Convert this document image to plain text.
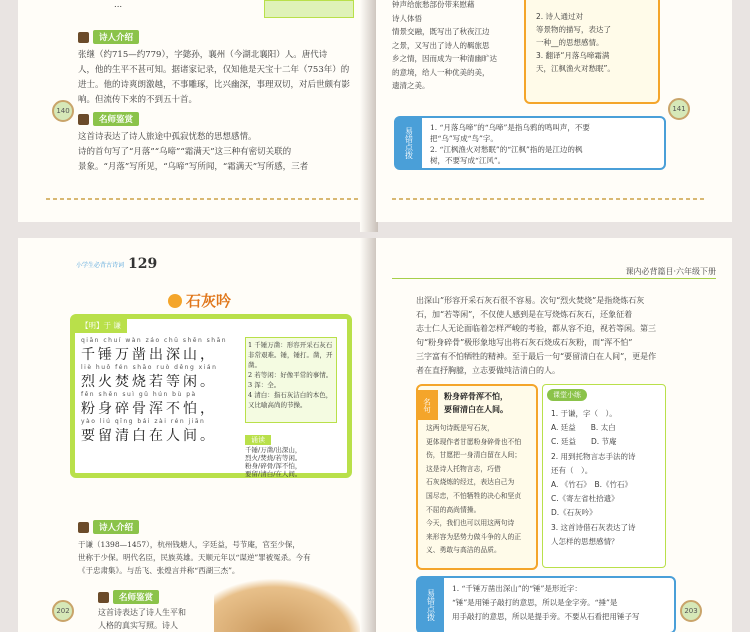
...
诗人介绍
张继（约715—约779），字懿孙，襄州（今湖北襄阳）人。唐代诗
人，他的生平不甚可知。据诸家记录，仅知他是天宝十二年（753年）的
进士。他的诗爽朗激越，不事雕琢，比兴幽深，事理双切，对后世颇有影
响。但流传下来的不到五十首。
140
名师鉴赏
这首诗表达了诗人旅途中孤寂忧愁的思想感情。
诗的首句写了“月落”“乌啼”“霜满天”这三种有密切关联的
景象。“月落”写所见，“乌啼”写所闻，“霜满天”写所感，三者
钟声给旅愁部份带来慰藉
诗人体悟
情景交融，既写出了秋夜江边
之景，又写出了诗人的羁旅思
乡之情，因而成为一种清幽旷达
的意境，给人一种优美的美，
遗清之美。
2. 诗人通过对
等景物的描写，表达了
一种__的思想感情。
3. 翻译“月落乌啼霜满
天，江枫渔火对愁眠”。
141
易错点拨	1. “月落乌啼”的“乌啼”是指乌鸦的鸣叫声，不要
把“乌”写成“鸟”字。
2. “江枫渔火对愁眠”的“江枫”指的是江边的枫
树，不要写成“江风”。
小学生必背古诗词 129
石灰吟
【明】于 谦
qiān chuí wàn záo chū shēn shān
千锤万凿出深山，
liè huǒ fén shāo ruò děng xián
烈火焚烧若等闲。
fěn shēn suì gǔ hún bù pà
粉身碎骨浑不怕，
yào liú qīng bái zài rén jiān
要留清白在人间。
1 千锤万凿：形容开采石灰石非常艰难。锤，锤打。凿，开凿。
2 若等闲：好像平常的事情。
3 浑：全。
4 清白：指石灰洁白的本色，又比喻高尚的节操。
诵读
千锤/万凿/出深山，
烈火/焚烧/若等闲。
粉身/碎骨/浑不怕，
要留/清白/在人间。
诗人介绍
于谦（1398—1457），杭州钱塘人，字廷益，号节庵，官至少保，
世称于少保。明代名臣，民族英雄。天顺元年以“谋逆”罪被冤杀。今有
《于忠肃集》。与岳飞、张煌言并称“西湖三杰”。
名师鉴赏
这首诗表达了诗人生平和
人格的真实写照。诗人
202
课内必背篇目·六年级下册
出深山”形容开采石灰石很不容易。次句“烈火焚烧”是指烧炼石灰
石，加“若等闲”，不仅使人感到是在写烧炼石灰石，还象征着
志士仁人无论面临着怎样严峻的考验，都从容不迫，视若等闲。第三
句“粉身碎骨”极形象地写出将石灰石烧成石灰粉，而“浑不怕”
三字富有不怕牺牲的精神。至于最后一句“要留清白在人间”，更是作
者在直抒胸臆，立志要做纯洁清白的人。
名句
粉身碎骨浑不怕，
要留清白在人间。
这两句诗既是写石灰，
更体现作者甘愿粉身碎骨也不怕
伤，甘愿把一身清白留在人间；
这是诗人托物言志，巧借
石灰烧炼的经过，表达自己为
国尽忠，不怕牺牲的决心和坚贞
不屈的高尚情操。
今天，我们也可以用这两句诗
来形容为恶势力做斗争的人的正
义、勇敢与高洁的品质。
课堂小练
1. 于谦，字（　）。
A. 廷益　　B. 太白
C. 廷益　　D. 节庵
2. 用到托物言志手法的诗
还有（　）。
A. 《竹石》　B.《竹石》
C.《寄左省杜拾遗》
D.《石灰吟》
3. 这首诗借石灰表达了诗
人怎样的思想感情？
易错点拨
1. “千锤万凿出深山”的“锤”是形近字：
“锤”是用锤子敲打的意思，所以是金字旁。“捶”是
用手敲打的意思，所以是提手旁。不要从石看把用锤子写
203
